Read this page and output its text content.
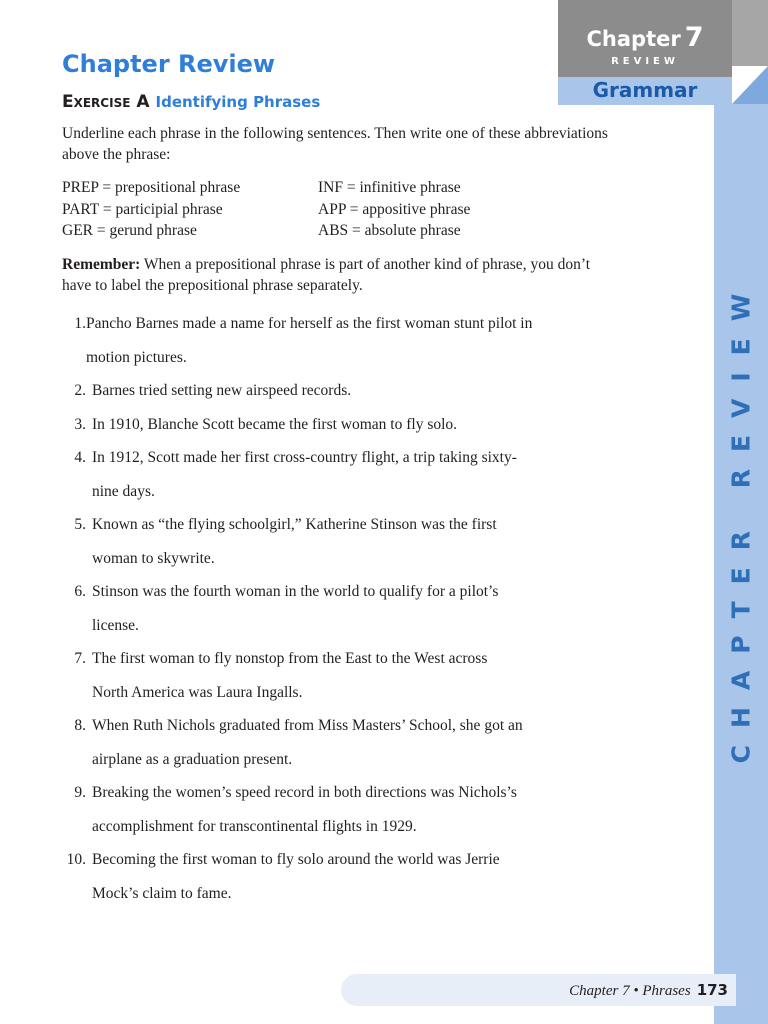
CHAPTER REVIEW
Chapter 7
REVIEW
Grammar
Chapter Review
Exercise A Identifying Phrases

Underline each phrase in the following sentences. Then write one of these abbreviations above the phrase:

PREP = prepositional phrase	INF = infinitive phrase
PART = participial phrase	APP = appositive phrase
GER = gerund phrase	ABS = absolute phrase

Remember: When a prepositional phrase is part of another kind of phrase, you don’t have to label the prepositional phrase separately.

1. Pancho Barnes made a name for herself as the first woman stunt pilot in
motion pictures.
2. Barnes tried setting new airspeed records.
3. In 1910, Blanche Scott became the first woman to fly solo.
4. In 1912, Scott made her first cross-country flight, a trip taking sixty-
nine days.
5. Known as “the flying schoolgirl,” Katherine Stinson was the first
woman to skywrite.
6. Stinson was the fourth woman in the world to qualify for a pilot’s
license.
7. The first woman to fly nonstop from the East to the West across
North America was Laura Ingalls.
8. When Ruth Nichols graduated from Miss Masters’ School, she got an
airplane as a graduation present.
9. Breaking the women’s speed record in both directions was Nichols’s
accomplishment for transcontinental flights in 1929.
10. Becoming the first woman to fly solo around the world was Jerrie
Mock’s claim to fame.
Chapter 7 • Phrases 173
